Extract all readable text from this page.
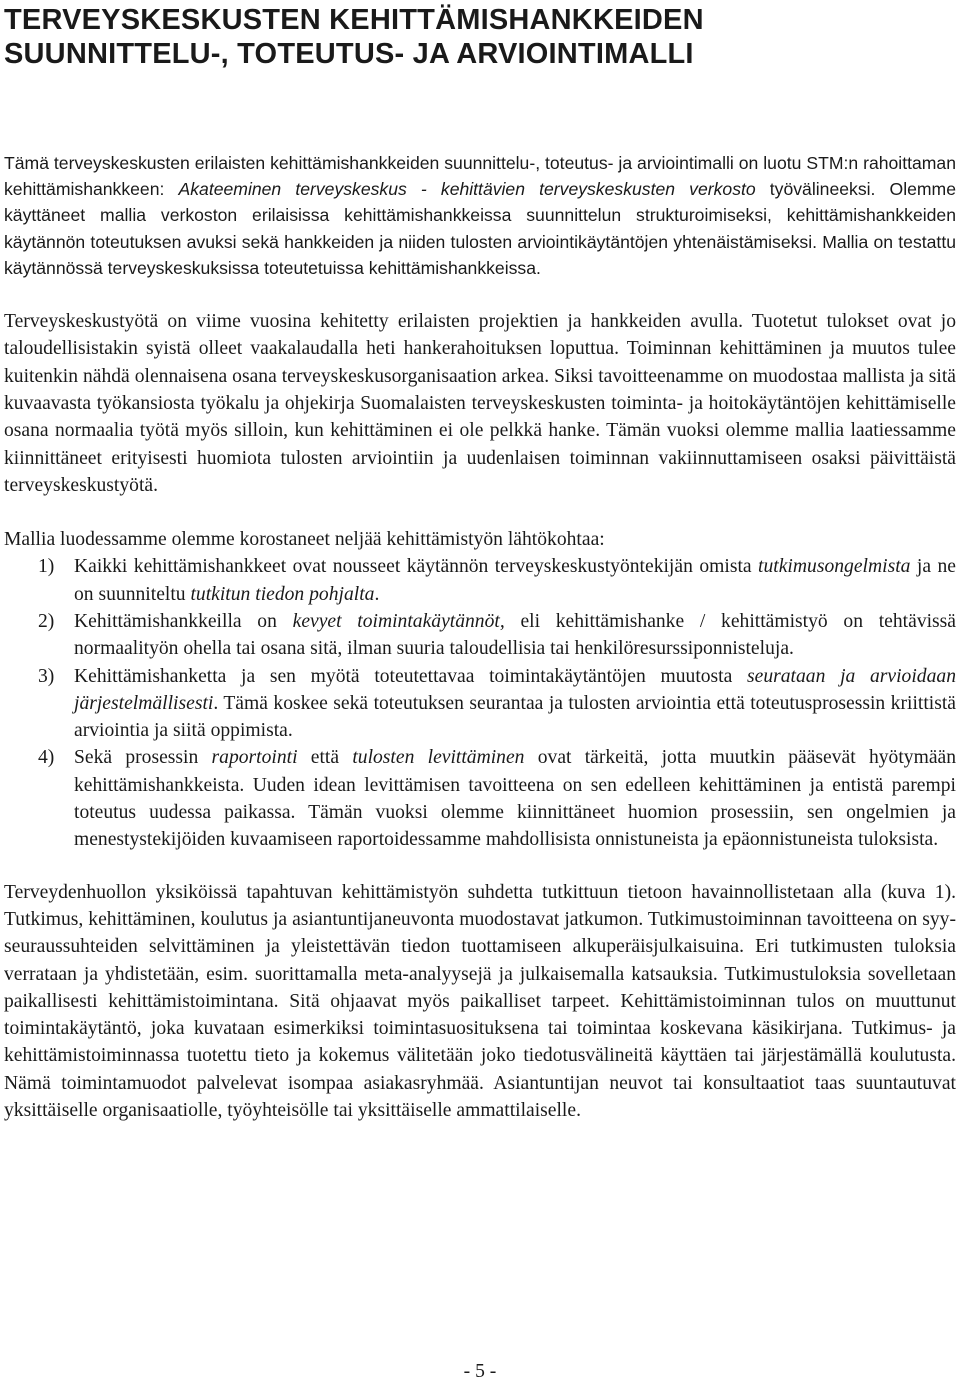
TERVEYSKESKUSTEN KEHITTÄMISHANKKEIDEN
SUUNNITTELU-, TOTEUTUS- JA ARVIOINTIMALLI

Tämä terveyskeskusten erilaisten kehittämishankkeiden suunnittelu-, toteutus- ja arviointimalli on luotu STM:n rahoittaman kehittämishankkeen: Akateeminen terveyskeskus - kehittävien terveyskeskusten verkosto työvälineeksi. Olemme käyttäneet mallia verkoston erilaisissa kehittämishankkeissa suunnittelun strukturoimiseksi, kehittämishankkeiden käytännön toteutuksen avuksi sekä hankkeiden ja niiden tulosten arviointikäytäntöjen yhtenäistämiseksi. Mallia on testattu käytännössä terveyskeskuksissa toteutetuissa kehittämishankkeissa.

Terveyskeskustyötä on viime vuosina kehitetty erilaisten projektien ja hankkeiden avulla. Tuotetut tulokset ovat jo taloudellisistakin syistä olleet vaakalaudalla heti hankerahoituksen loputtua. Toiminnan kehittäminen ja muutos tulee kuitenkin nähdä olennaisena osana terveyskeskusorganisaation arkea. Siksi tavoitteenamme on muodostaa mallista ja sitä kuvaavasta työkansiosta työkalu ja ohjekirja Suomalaisten terveyskeskusten toiminta- ja hoitokäytäntöjen kehittämiselle osana normaalia työtä myös silloin, kun kehittäminen ei ole pelkkä hanke. Tämän vuoksi olemme mallia laatiessamme kiinnittäneet erityisesti huomiota tulosten arviointiin ja uudenlaisen toiminnan vakiinnuttamiseen osaksi päivittäistä terveyskeskustyötä.

Mallia luodessamme olemme korostaneet neljää kehittämistyön lähtökohtaa:

1) Kaikki kehittämishankkeet ovat nousseet käytännön terveyskeskustyöntekijän omista tutkimusongelmista ja ne on suunniteltu tutkitun tiedon pohjalta.
2) Kehittämishankkeilla on kevyet toimintakäytännöt, eli kehittämishanke / kehittämistyö on tehtävissä normaalityön ohella tai osana sitä, ilman suuria taloudellisia tai henkilöresurssiponnisteluja.
3) Kehittämishanketta ja sen myötä toteutettavaa toimintakäytäntöjen muutosta seurataan ja arvioidaan järjestelmällisesti. Tämä koskee sekä toteutuksen seurantaa ja tulosten arviointia että toteutusprosessin kriittistä arviointia ja siitä oppimista.
4) Sekä prosessin raportointi että tulosten levittäminen ovat tärkeitä, jotta muutkin pääsevät hyötymään kehittämishankkeista. Uuden idean levittämisen tavoitteena on sen edelleen kehittäminen ja entistä parempi toteutus uudessa paikassa. Tämän vuoksi olemme kiinnittäneet huomion prosessiin, sen ongelmien ja menestystekijöiden kuvaamiseen raportoidessamme mahdollisista onnistuneista ja epäonnistuneista tuloksista.

Terveydenhuollon yksiköissä tapahtuvan kehittämistyön suhdetta tutkittuun tietoon havainnollistetaan alla (kuva 1). Tutkimus, kehittäminen, koulutus ja asiantuntijaneuvonta muodostavat jatkumon. Tutkimustoiminnan tavoitteena on syy-seuraussuhteiden selvittäminen ja yleistettävän tiedon tuottamiseen alkuperäisjulkaisuina. Eri tutkimusten tuloksia verrataan ja yhdistetään, esim. suorittamalla meta-analyysejä ja julkaisemalla katsauksia. Tutkimustuloksia sovelletaan paikallisesti kehittämistoimintana. Sitä ohjaavat myös paikalliset tarpeet. Kehittämistoiminnan tulos on muuttunut toimintakäytäntö, joka kuvataan esimerkiksi toimintasuosituksena tai toimintaa koskevana käsikirjana. Tutkimus- ja kehittämistoiminnassa tuotettu tieto ja kokemus välitetään joko tiedotusvälineitä käyttäen tai järjestämällä koulutusta. Nämä toimintamuodot palvelevat isompaa asiakasryhmää. Asiantuntijan neuvot tai konsultaatiot taas suuntautuvat yksittäiselle organisaatiolle, työyhteisölle tai yksittäiselle ammattilaiselle.

- 5 -
